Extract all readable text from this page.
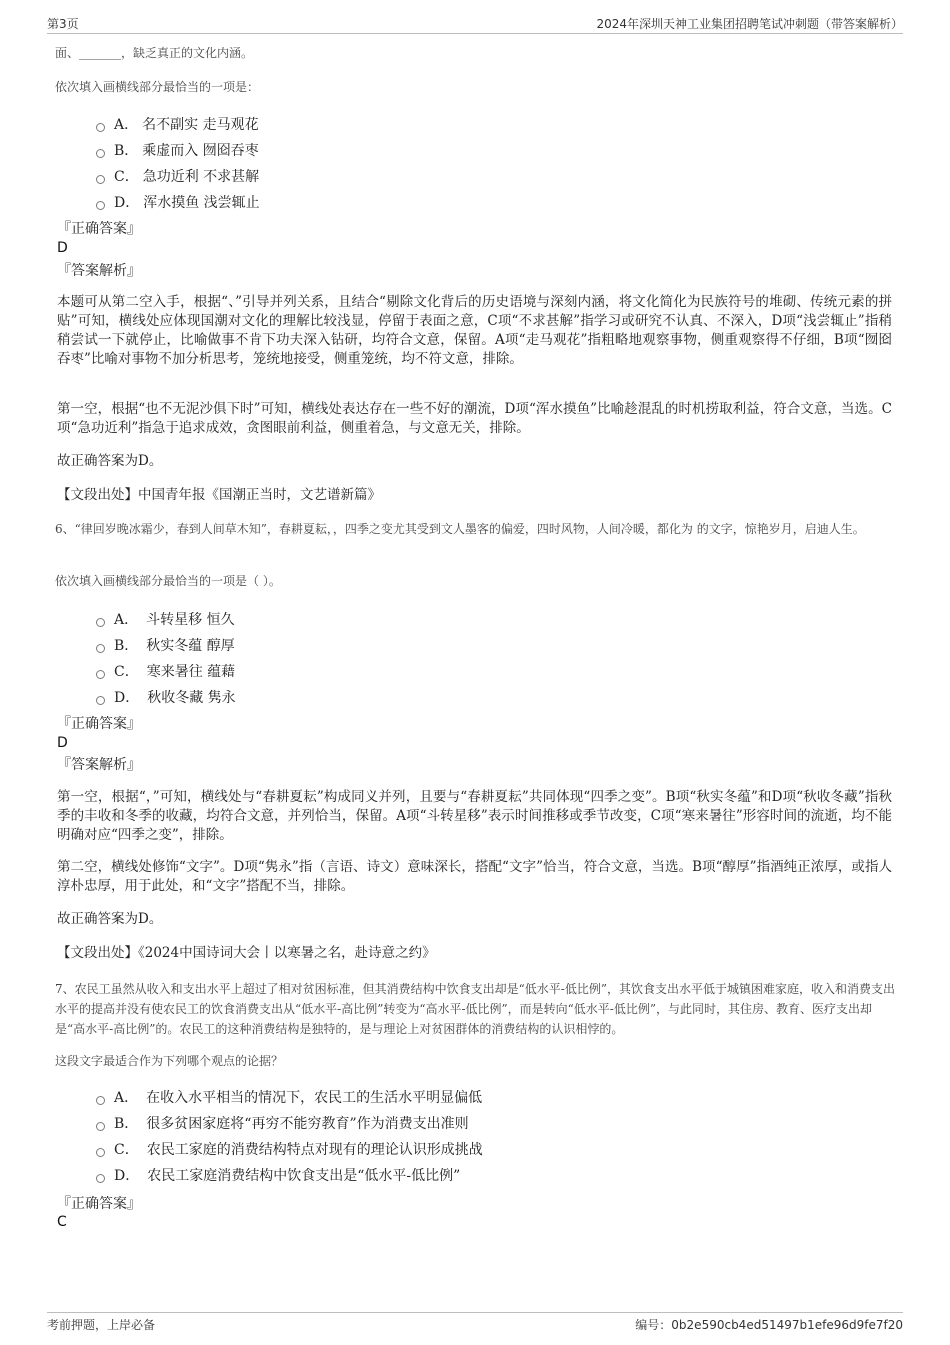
第3页	2024年深圳天神工业集团招聘笔试冲刺题（带答案解析）
面、_______，缺乏真正的文化内涵。
依次填入画横线部分最恰当的一项是：
A． 名不副实 走马观花
B． 乘虚而入 囫囵吞枣
C． 急功近利 不求甚解
D． 浑水摸鱼 浅尝辄止
『正确答案』
D
『答案解析』
本题可从第二空入手，根据“、”引导并列关系，且结合“剔除文化背后的历史语境与深刻内涵，将文化简化为民族符号的堆砌、传统元素的拼贴”可知，横线处应体现国潮对文化的理解比较浅显，停留于表面之意，C项“不求甚解”指学习或研究不认真、不深入，D项“浅尝辄止”指稍稍尝试一下就停止，比喻做事不肯下功夫深入钻研，均符合文意，保留。A项“走马观花”指粗略地观察事物，侧重观察得不仔细，B项“囫囵吞枣”比喻对事物不加分析思考，笼统地接受，侧重笼统，均不符文意，排除。
第一空，根据“也不无泥沙俱下时”可知，横线处表达存在一些不好的潮流，D项“浑水摸鱼”比喻趁混乱的时机捞取利益，符合文意，当选。C项“急功近利”指急于追求成效，贪图眼前利益，侧重着急，与文意无关，排除。
故正确答案为D。
【文段出处】中国青年报《国潮正当时，文艺谱新篇》
6、“律回岁晚冰霜少，春到人间草木知”，春耕夏耘，，四季之变尤其受到文人墨客的偏爱，四时风物，人间冷暖，都化为 的文字，惊艳岁月，启迪人生。
依次填入画横线部分最恰当的一项是（ ）。
A． 斗转星移 恒久
B． 秋实冬蕴 醇厚
C． 寒来暑往 蕴藉
D． 秋收冬藏 隽永
『正确答案』
D
『答案解析』
第一空，根据“，”可知，横线处与“春耕夏耘”构成同义并列，且要与“春耕夏耘”共同体现“四季之变”。B项“秋实冬蕴”和D项“秋收冬藏”指秋季的丰收和冬季的收藏，均符合文意，并列恰当，保留。A项“斗转星移”表示时间推移或季节改变，C项“寒来暑往”形容时间的流逝，均不能明确对应“四季之变”，排除。
第二空，横线处修饰“文字”。D项“隽永”指（言语、诗文）意味深长，搭配“文字”恰当，符合文意，当选。B项“醇厚”指酒纯正浓厚，或指人淳朴忠厚，用于此处，和“文字”搭配不当，排除。
故正确答案为D。
【文段出处】《2024中国诗词大会丨以寒暑之名，赴诗意之约》
7、农民工虽然从收入和支出水平上超过了相对贫困标准，但其消费结构中饮食支出却是“低水平-低比例”，其饮食支出水平低于城镇困难家庭，收入和消费支出水平的提高并没有使农民工的饮食消费支出从“低水平-高比例”转变为“高水平-低比例”，而是转向“低水平-低比例”，与此同时，其住房、教育、医疗支出却是“高水平-高比例”的。农民工的这种消费结构是独特的，是与理论上对贫困群体的消费结构的认识相悖的。
这段文字最适合作为下列哪个观点的论据？
A． 在收入水平相当的情况下，农民工的生活水平明显偏低
B． 很多贫困家庭将“再穷不能穷教育”作为消费支出准则
C． 农民工家庭的消费结构特点对现有的理论认识形成挑战
D． 农民工家庭消费结构中饮食支出是“低水平-低比例”
『正确答案』
C
考前押题，上岸必备	编号：0b2e590cb4ed51497b1efe96d9fe7f20
